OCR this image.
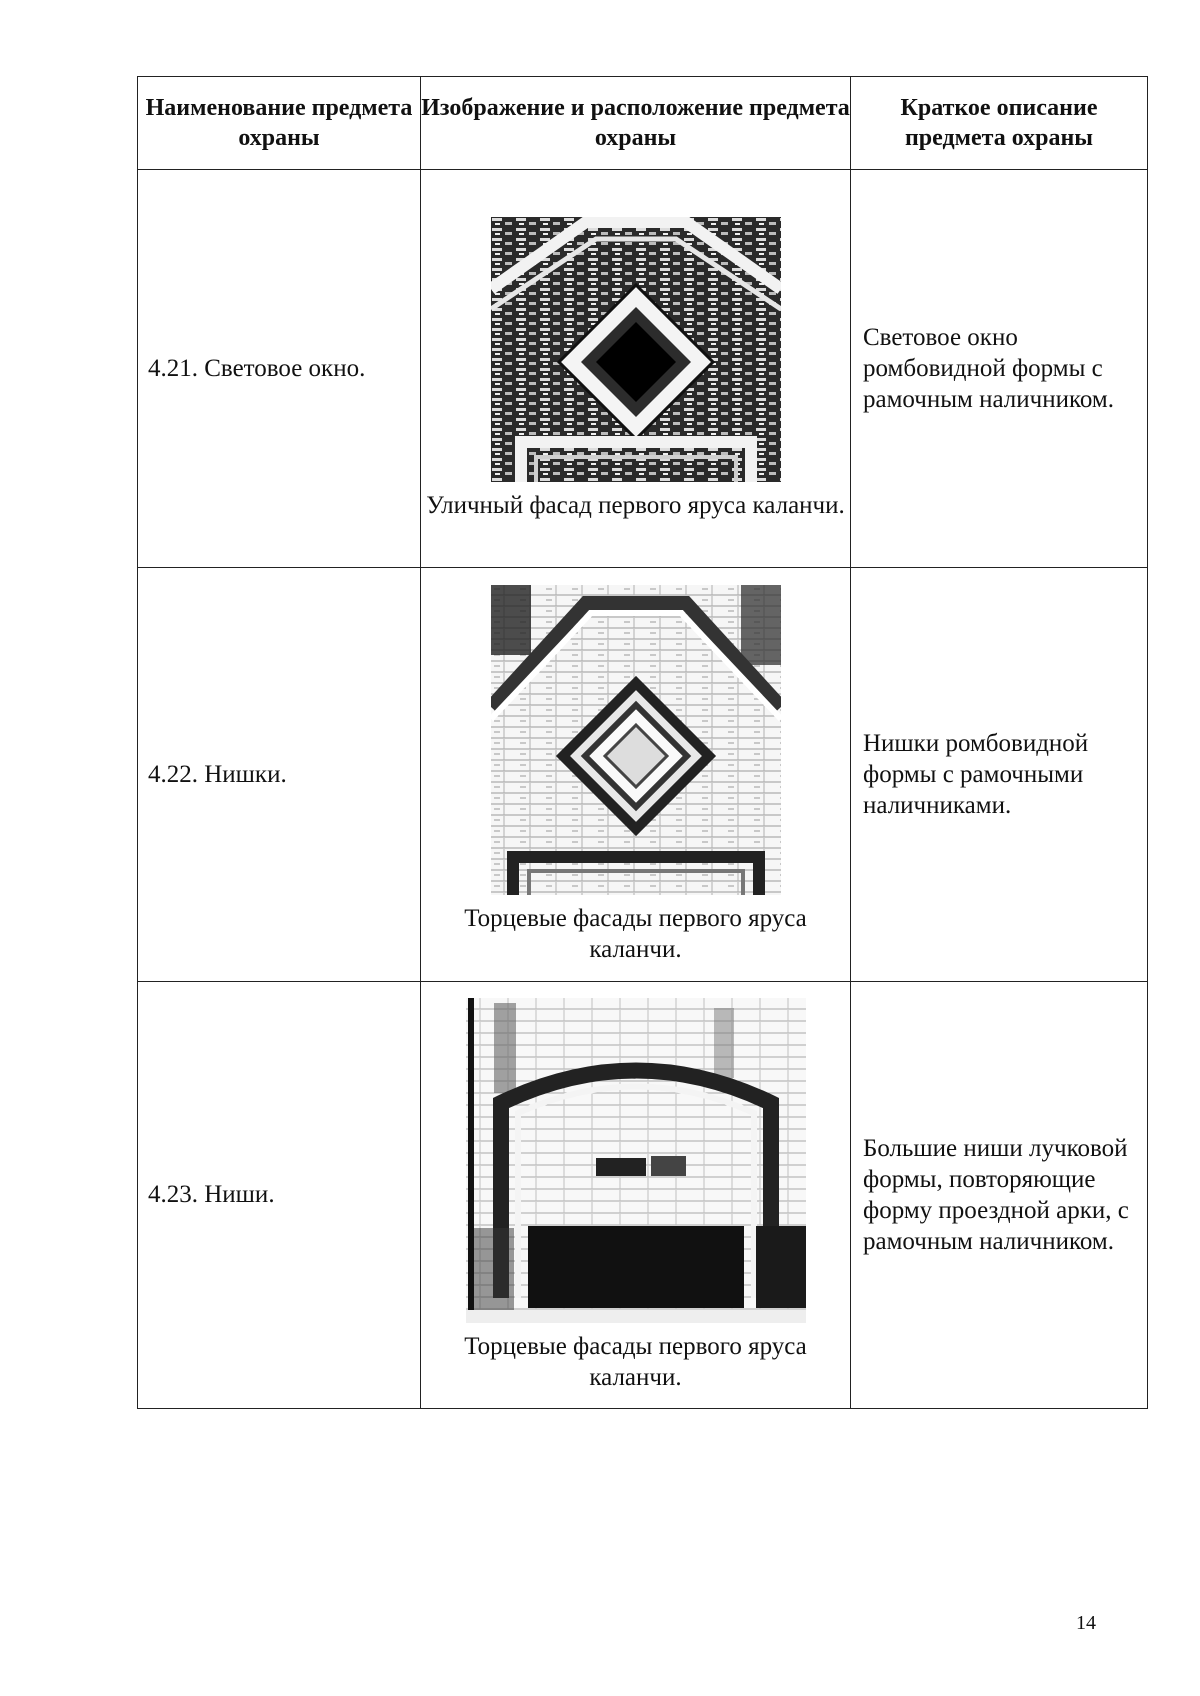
Наименование предмета охраны	Изображение и расположение предмета охраны	Краткое описание предмета охраны
4.21. Световое окно.	Уличный фасад первого яруса каланчи.	Световое окно ромбовидной формы с рамочным наличником.
4.22. Нишки.	Торцевые фасады первого яруса каланчи.	Нишки ромбовидной формы с рамочными наличниками.
4.23. Ниши.	Торцевые фасады первого яруса каланчи.	Большие ниши лучковой формы, повторяющие форму проездной арки, с рамочным наличником.
14
